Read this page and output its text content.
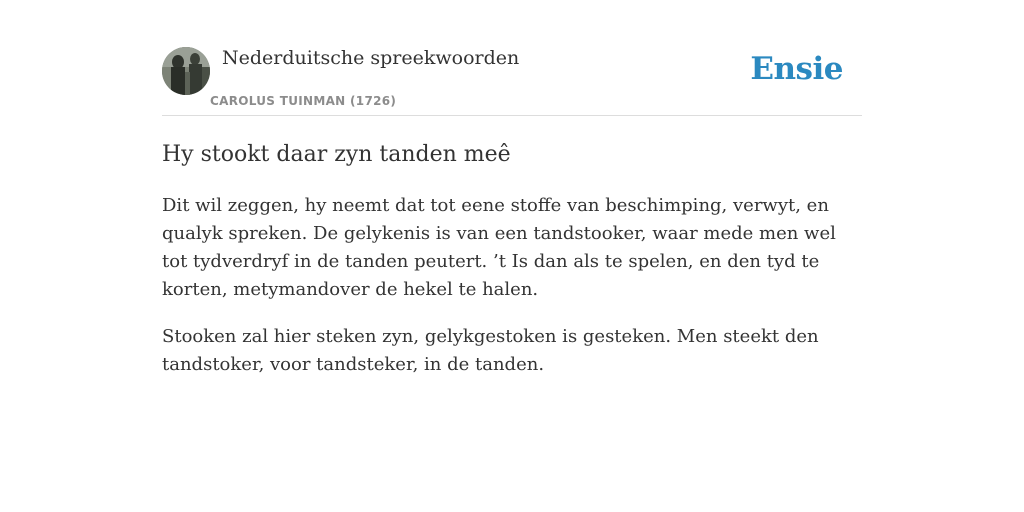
Nederduitsche spreekwoorden
CAROLUS TUINMAN (1726)
Ensie
Hy stookt daar zyn tanden meê

Dit wil zeggen, hy neemt dat tot eene stoffe van beschimping, verwyt, en qualyk spreken. De gelykenis is van een tandstooker, waar mede men wel tot tydverdryf in de tanden peutert. ’t Is dan als te spelen, en den tyd te korten, metymandover de hekel te halen.

Stooken zal hier steken zyn, gelykgestoken is gesteken. Men steekt den tandstoker, voor tandsteker, in de tanden.
